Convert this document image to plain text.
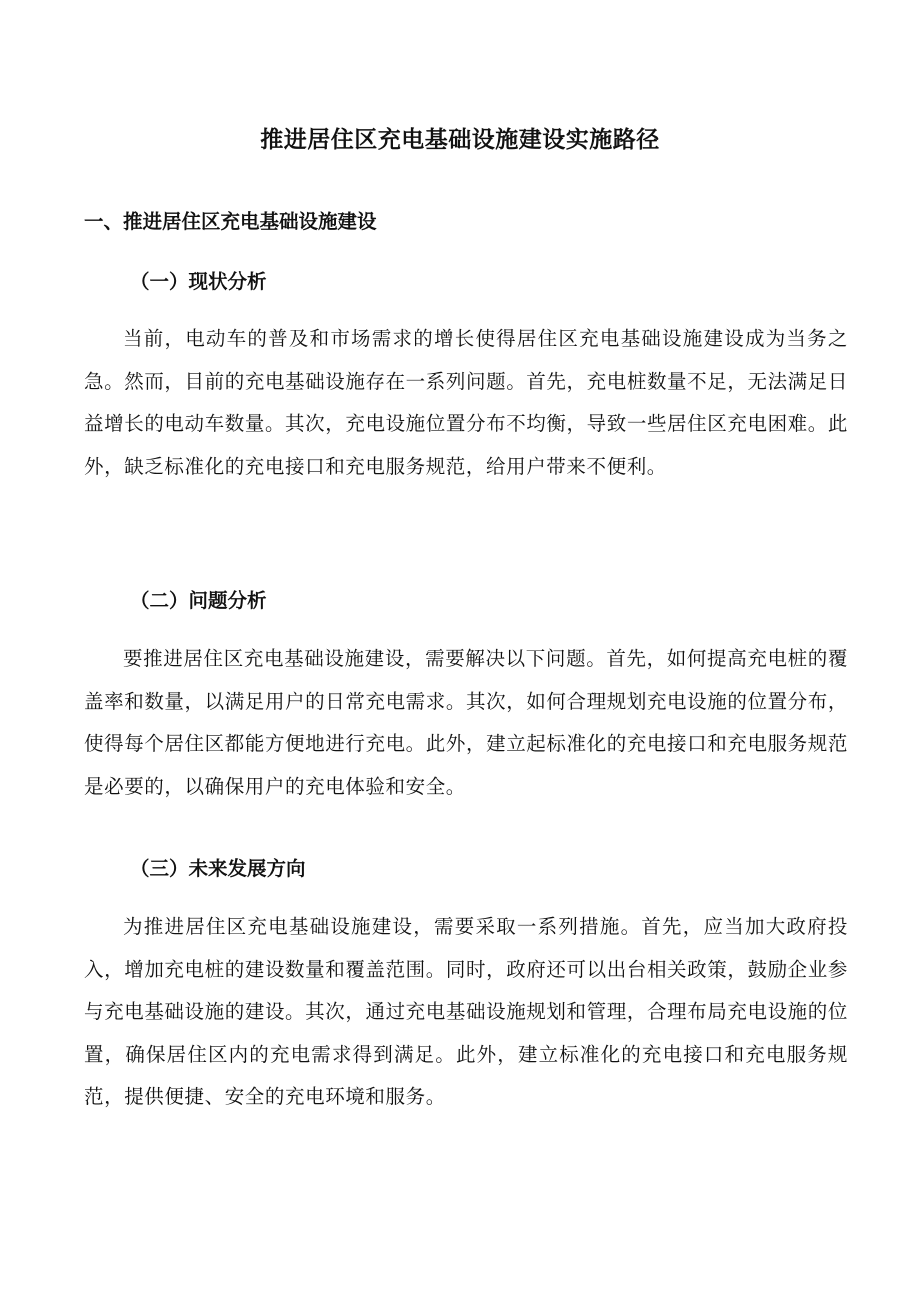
推进居住区充电基础设施建设实施路径
一、推进居住区充电基础设施建设
（一）现状分析

当前，电动车的普及和市场需求的增长使得居住区充电基础设施建设成为当务之急。然而，目前的充电基础设施存在一系列问题。首先，充电桩数量不足，无法满足日益增长的电动车数量。其次，充电设施位置分布不均衡，导致一些居住区充电困难。此外，缺乏标准化的充电接口和充电服务规范，给用户带来不便利。

（二）问题分析

要推进居住区充电基础设施建设，需要解决以下问题。首先，如何提高充电桩的覆盖率和数量，以满足用户的日常充电需求。其次，如何合理规划充电设施的位置分布，使得每个居住区都能方便地进行充电。此外，建立起标准化的充电接口和充电服务规范是必要的，以确保用户的充电体验和安全。

（三）未来发展方向

为推进居住区充电基础设施建设，需要采取一系列措施。首先，应当加大政府投入，增加充电桩的建设数量和覆盖范围。同时，政府还可以出台相关政策，鼓励企业参与充电基础设施的建设。其次，通过充电基础设施规划和管理，合理布局充电设施的位置，确保居住区内的充电需求得到满足。此外，建立标准化的充电接口和充电服务规范，提供便捷、安全的充电环境和服务。
